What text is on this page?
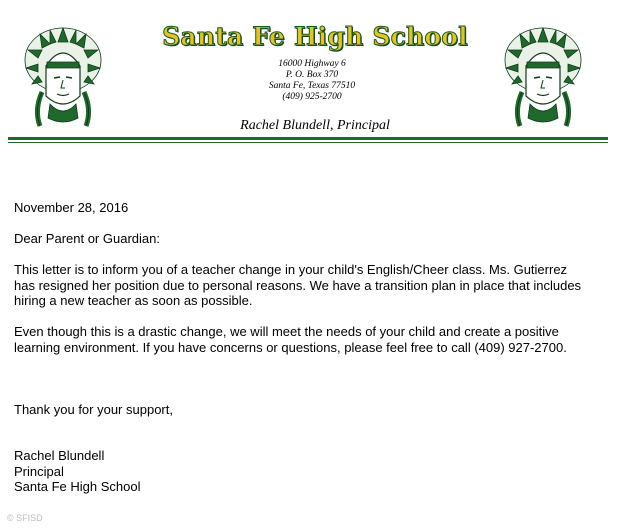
Santa Fe High School
16000 Highway 6
P. O. Box 370
Santa Fe, Texas 77510
(409) 925-2700
Rachel Blundell, Principal
November 28, 2016
Dear Parent or Guardian:
This letter is to inform you of a teacher change in your child's English/Cheer class. Ms. Gutierrez
has resigned her position due to personal reasons. We have a transition plan in place that includes
hiring a new teacher as soon as possible.
Even though this is a drastic change, we will meet the needs of your child and create a positive
learning environment. If you have concerns or questions, please feel free to call (409) 927-2700.
Thank you for your support,
Rachel Blundell
Principal
Santa Fe High School
© SFISD
